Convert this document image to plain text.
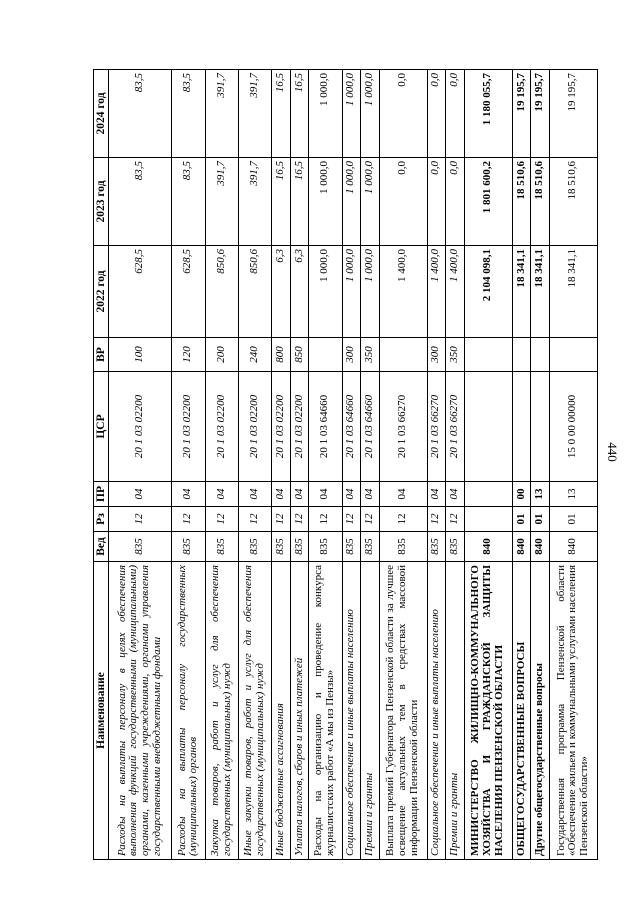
440
Наименование	Вед	Рз	ПР	ЦСР	ВР	2022 год	2023 год	2024 год
Расходы на выплаты персоналу в целях обеспечения выполнения функций государственными (муниципальными) органами, казенными учреждениями, органами управления государственными внебюджетными фондами	835	12	04	20 1 03 02200	100	628,5	83,5	83,5
Расходы на выплаты персоналу государственных (муниципальных) органов	835	12	04	20 1 03 02200	120	628,5	83,5	83,5
Закупка товаров, работ и услуг для обеспечения государственных (муниципальных) нужд	835	12	04	20 1 03 02200	200	850,6	391,7	391,7
Иные закупки товаров, работ и услуг для обеспечения государственных (муниципальных) нужд	835	12	04	20 1 03 02200	240	850,6	391,7	391,7
Иные бюджетные ассигнования	835	12	04	20 1 03 02200	800	6,3	16,5	16,5
Уплата налогов, сборов и иных платежей	835	12	04	20 1 03 02200	850	6,3	16,5	16,5
Расходы на организацию и проведение конкурса журналистских работ «А мы из Пензы»	835	12	04	20 1 03 64660		1 000,0	1 000,0	1 000,0
Социальное обеспечение и иные выплаты населению	835	12	04	20 1 03 64660	300	1 000,0	1 000,0	1 000,0
Премии и гранты	835	12	04	20 1 03 64660	350	1 000,0	1 000,0	1 000,0
Выплата премий Губернатора Пензенской области за лучшее освещение актуальных тем в средствах массовой информации Пензенской области	835	12	04	20 1 03 66270		1 400,0	0,0	0,0
Социальное обеспечение и иные выплаты населению	835	12	04	20 1 03 66270	300	1 400,0	0,0	0,0
Премии и гранты	835	12	04	20 1 03 66270	350	1 400,0	0,0	0,0
МИНИСТЕРСТВО ЖИЛИЩНО-КОММУНАЛЬНОГО ХОЗЯЙСТВА И ГРАЖДАНСКОЙ ЗАЩИТЫ НАСЕЛЕНИЯ ПЕНЗЕНСКОЙ ОБЛАСТИ	840					2 104 098,1	1 801 600,2	1 180 055,7
ОБЩЕГОСУДАРСТВЕННЫЕ ВОПРОСЫ	840	01	00			18 341,1	18 510,6	19 195,7
Другие общегосударственные вопросы	840	01	13			18 341,1	18 510,6	19 195,7
Государственная программа Пензенской области «Обеспечение жильем и коммунальными услугами населения Пензенской области»	840	01	13	15 0 00 00000		18 341,1	18 510,6	19 195,7
